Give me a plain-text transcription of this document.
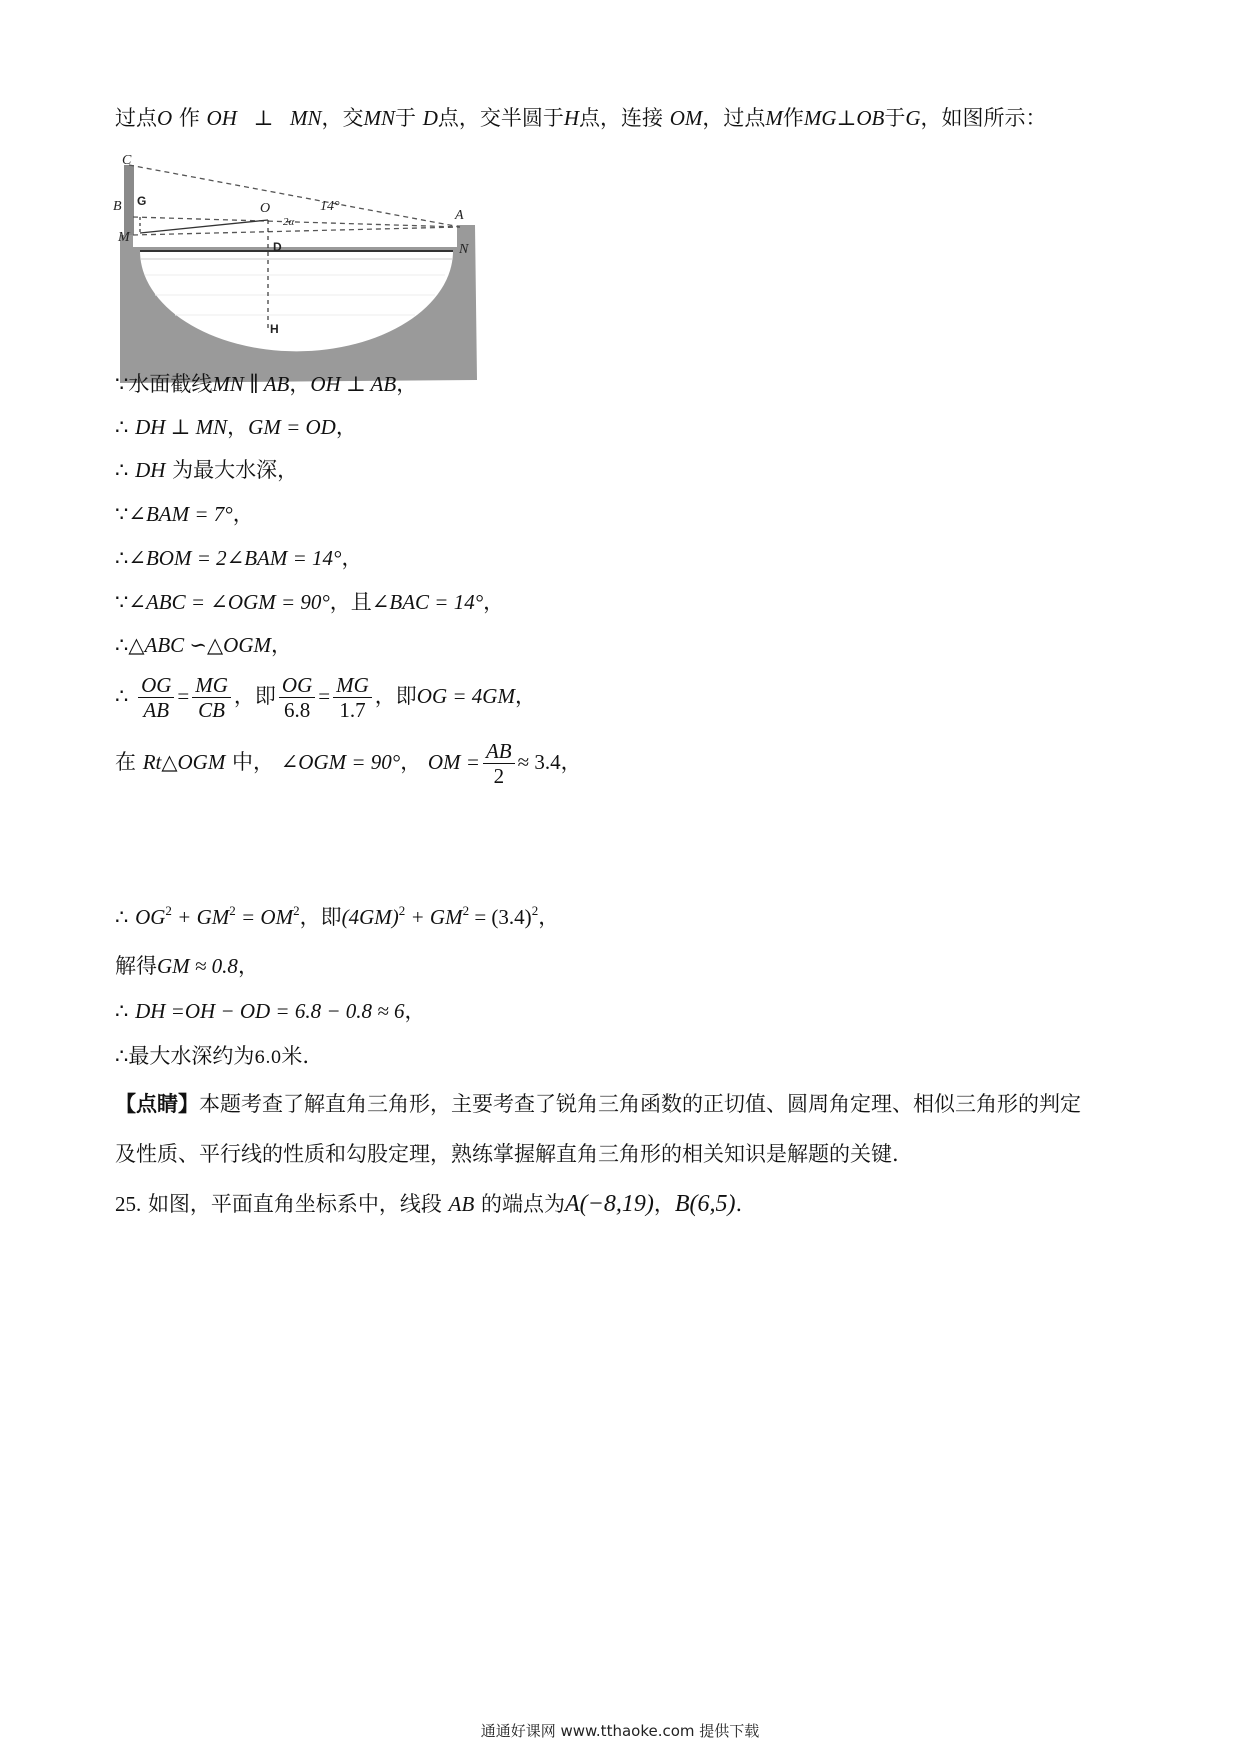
过点O 作 OH ⊥ MN，交MN于 D点，交半圆于H点，连接 OM，过点M作MG⊥OB于G，如图所示：
C
B G	O	A
M
D	N
H
14°
2α
∵水面截线MN ∥ AB，OH ⊥ AB，
∴ DH ⊥ MN，GM = OD，
∴ DH 为最大水深，
∵∠BAM = 7°，
∴∠BOM = 2∠BAM = 14°，
∵∠ABC = ∠OGM = 90°，且∠BAC = 14°，
∴△ABC ∽△OGM，
∴ $\frac{OG}{AB} = \frac{MG}{CB}$ ，即 $\frac{OG}{6.8} = \frac{MG}{1.7}$ ，即OG = 4GM，
在 Rt△OGM 中， ∠OGM = 90°， OM = $\frac{AB}{2} \approx 3.4$，
∴ $OG^2 + GM^2 = OM^2$，即$(4GM)^2 + GM^2 = (3.4)^2$，
解得GM ≈ 0.8，
∴ DH =OH − OD = 6.8 − 0.8 ≈ 6，
∴最大水深约为6.0米.
【点睛】本题考查了解直角三角形，主要考查了锐角三角函数的正切值、圆周角定理、相似三角形的判定
及性质、平行线的性质和勾股定理，熟练掌握解直角三角形的相关知识是解题的关键.
25. 如图，平面直角坐标系中，线段 AB 的端点为A(−8,19)，B(6,5).
通通好课网 www.tthaoke.com 提供下载
